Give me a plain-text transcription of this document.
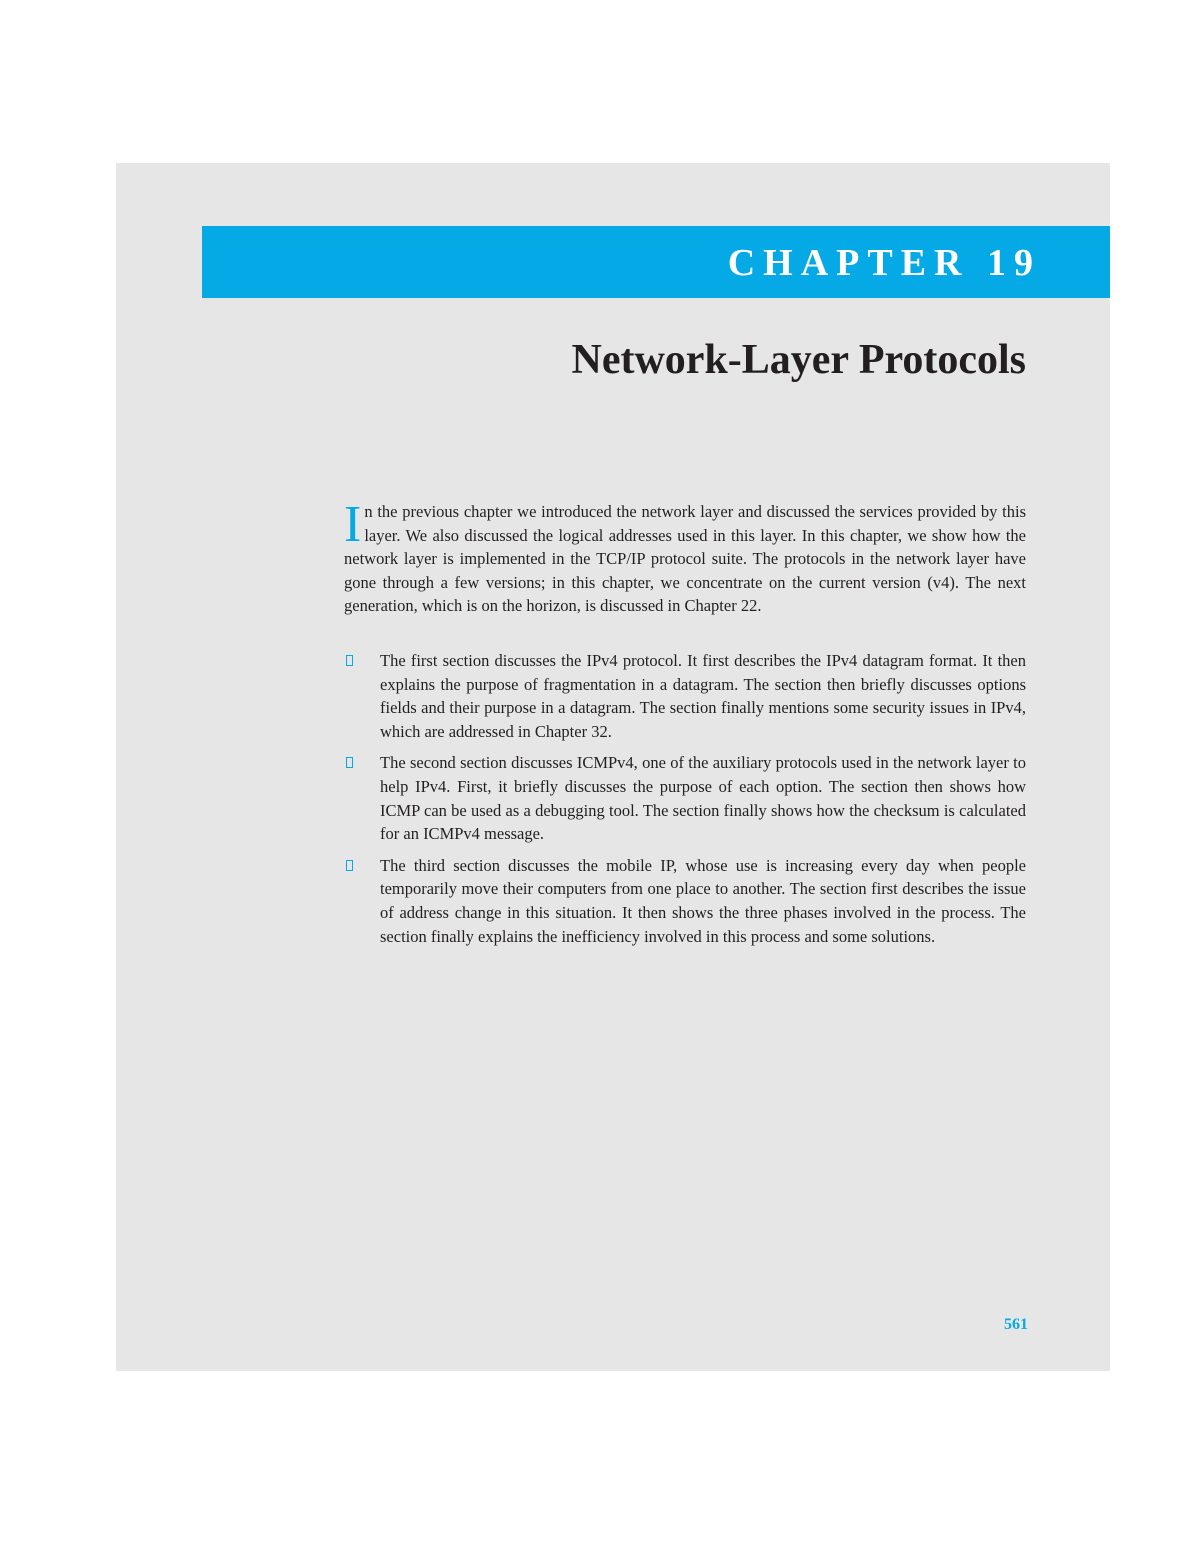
CHAPTER 19
Network-Layer Protocols

In the previous chapter we introduced the network layer and discussed the services provided by this layer. We also discussed the logical addresses used in this layer. In this chapter, we show how the network layer is implemented in the TCP/IP protocol suite. The protocols in the network layer have gone through a few versions; in this chapter, we concentrate on the current version (v4). The next generation, which is on the horizon, is discussed in Chapter 22.

The first section discusses the IPv4 protocol. It first describes the IPv4 datagram format. It then explains the purpose of fragmentation in a datagram. The section then briefly discusses options fields and their purpose in a datagram. The section finally mentions some security issues in IPv4, which are addressed in Chapter 32.
The second section discusses ICMPv4, one of the auxiliary protocols used in the network layer to help IPv4. First, it briefly discusses the purpose of each option. The section then shows how ICMP can be used as a debugging tool. The section finally shows how the checksum is calculated for an ICMPv4 message.
The third section discusses the mobile IP, whose use is increasing every day when people temporarily move their computers from one place to another. The section first describes the issue of address change in this situation. It then shows the three phases involved in the process. The section finally explains the inefficiency involved in this process and some solutions.
561
